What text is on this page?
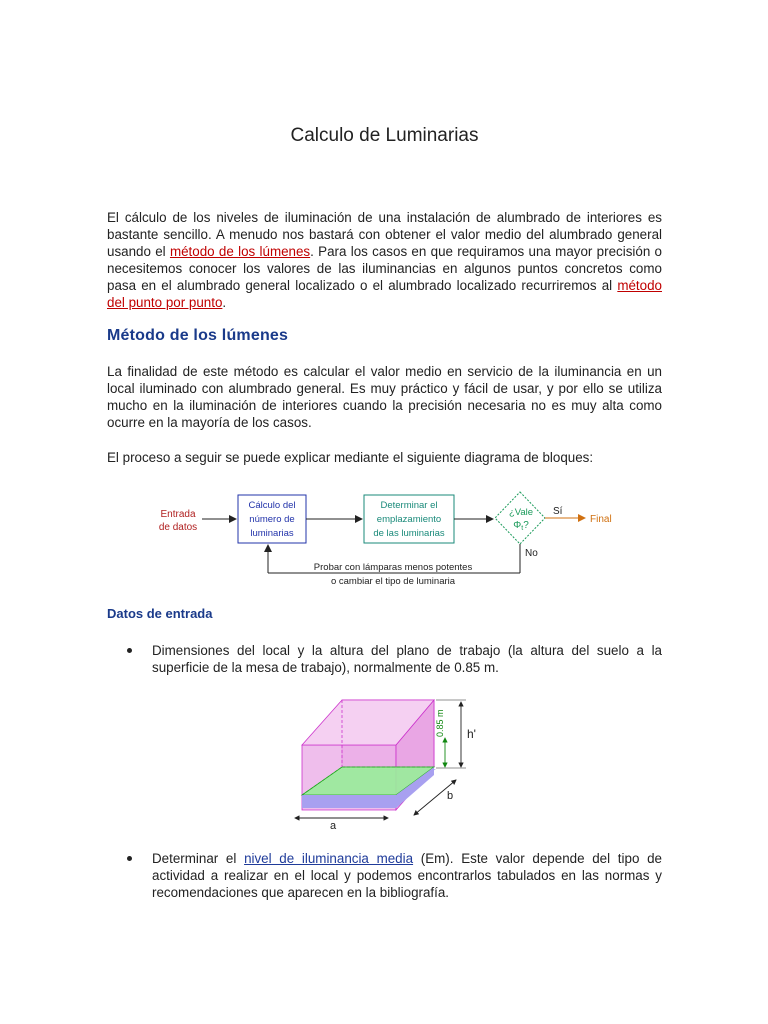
Calculo de Luminarias

El cálculo de los niveles de iluminación de una instalación de alumbrado de interiores es bastante sencillo. A menudo nos bastará con obtener el valor medio del alumbrado general usando el método de los lúmenes. Para los casos en que requiramos una mayor precisión o necesitemos conocer los valores de las iluminancias en algunos puntos concretos como pasa en el alumbrado general localizado o el alumbrado localizado recurriremos al método del punto por punto.

Método de los lúmenes

La finalidad de este método es calcular el valor medio en servicio de la iluminancia en un local iluminado con alumbrado general. Es muy práctico y fácil de usar, y por ello se utiliza mucho en la iluminación de interiores cuando la precisión necesaria no es muy alta como ocurre en la mayoría de los casos.

El proceso a seguir se puede explicar mediante el siguiente diagrama de bloques:

Datos de entrada

Dimensiones del local y la altura del plano de trabajo (la altura del suelo a la superficie de la mesa de trabajo), normalmente de 0.85 m.

Determinar el nivel de iluminancia media (Em). Este valor depende del tipo de actividad a realizar en el local y podemos encontrarlos tabulados en las normas y recomendaciones que aparecen en la bibliografía.

Entrada
de datos
Cálculo del
número de
luminarias
Determinar el
emplazamiento
de las luminarias
¿Vale
$\Phi_t$?
Sí
Final
No
Probar con lámparas menos potentes
o cambiar el tipo de luminaria
0.85 m h'
b
a
